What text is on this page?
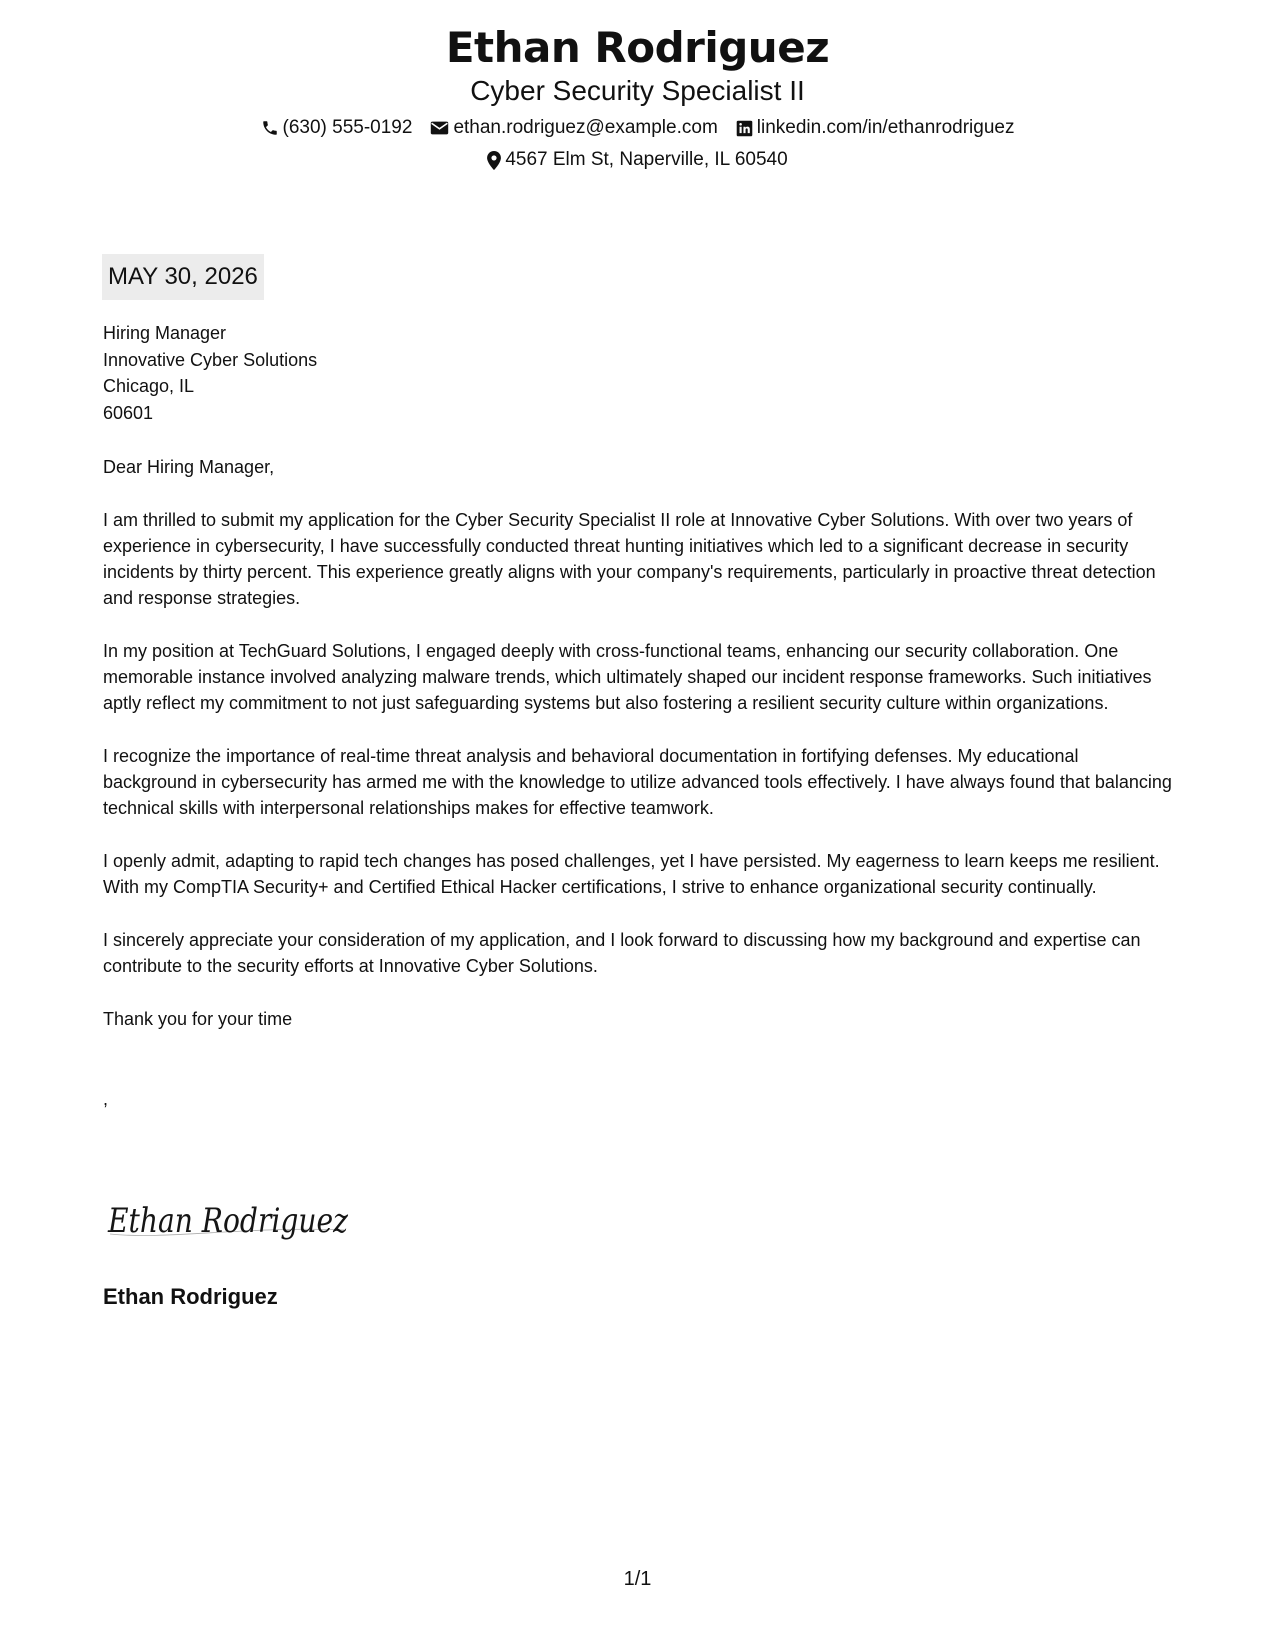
Ethan Rodriguez
Cyber Security Specialist II
(630) 555-0192 ethan.rodriguez@example.com linkedin.com/in/ethanrodriguez
4567 Elm St, Naperville, IL 60540
MAY 30, 2026
Hiring Manager
Innovative Cyber Solutions
Chicago, IL
60601
Dear Hiring Manager,
I am thrilled to submit my application for the Cyber Security Specialist II role at Innovative Cyber Solutions. With over two years of experience in cybersecurity, I have successfully conducted threat hunting initiatives which led to a significant decrease in security incidents by thirty percent. This experience greatly aligns with your company's requirements, particularly in proactive threat detection and response strategies.
In my position at TechGuard Solutions, I engaged deeply with cross-functional teams, enhancing our security collaboration. One memorable instance involved analyzing malware trends, which ultimately shaped our incident response frameworks. Such initiatives aptly reflect my commitment to not just safeguarding systems but also fostering a resilient security culture within organizations.
I recognize the importance of real-time threat analysis and behavioral documentation in fortifying defenses. My educational background in cybersecurity has armed me with the knowledge to utilize advanced tools effectively. I have always found that balancing technical skills with interpersonal relationships makes for effective teamwork.
I openly admit, adapting to rapid tech changes has posed challenges, yet I have persisted. My eagerness to learn keeps me resilient. With my CompTIA Security+ and Certified Ethical Hacker certifications, I strive to enhance organizational security continually.
I sincerely appreciate your consideration of my application, and I look forward to discussing how my background and expertise can contribute to the security efforts at Innovative Cyber Solutions.
Thank you for your time
,
Ethan Rodriguez
Ethan Rodriguez
1/1
